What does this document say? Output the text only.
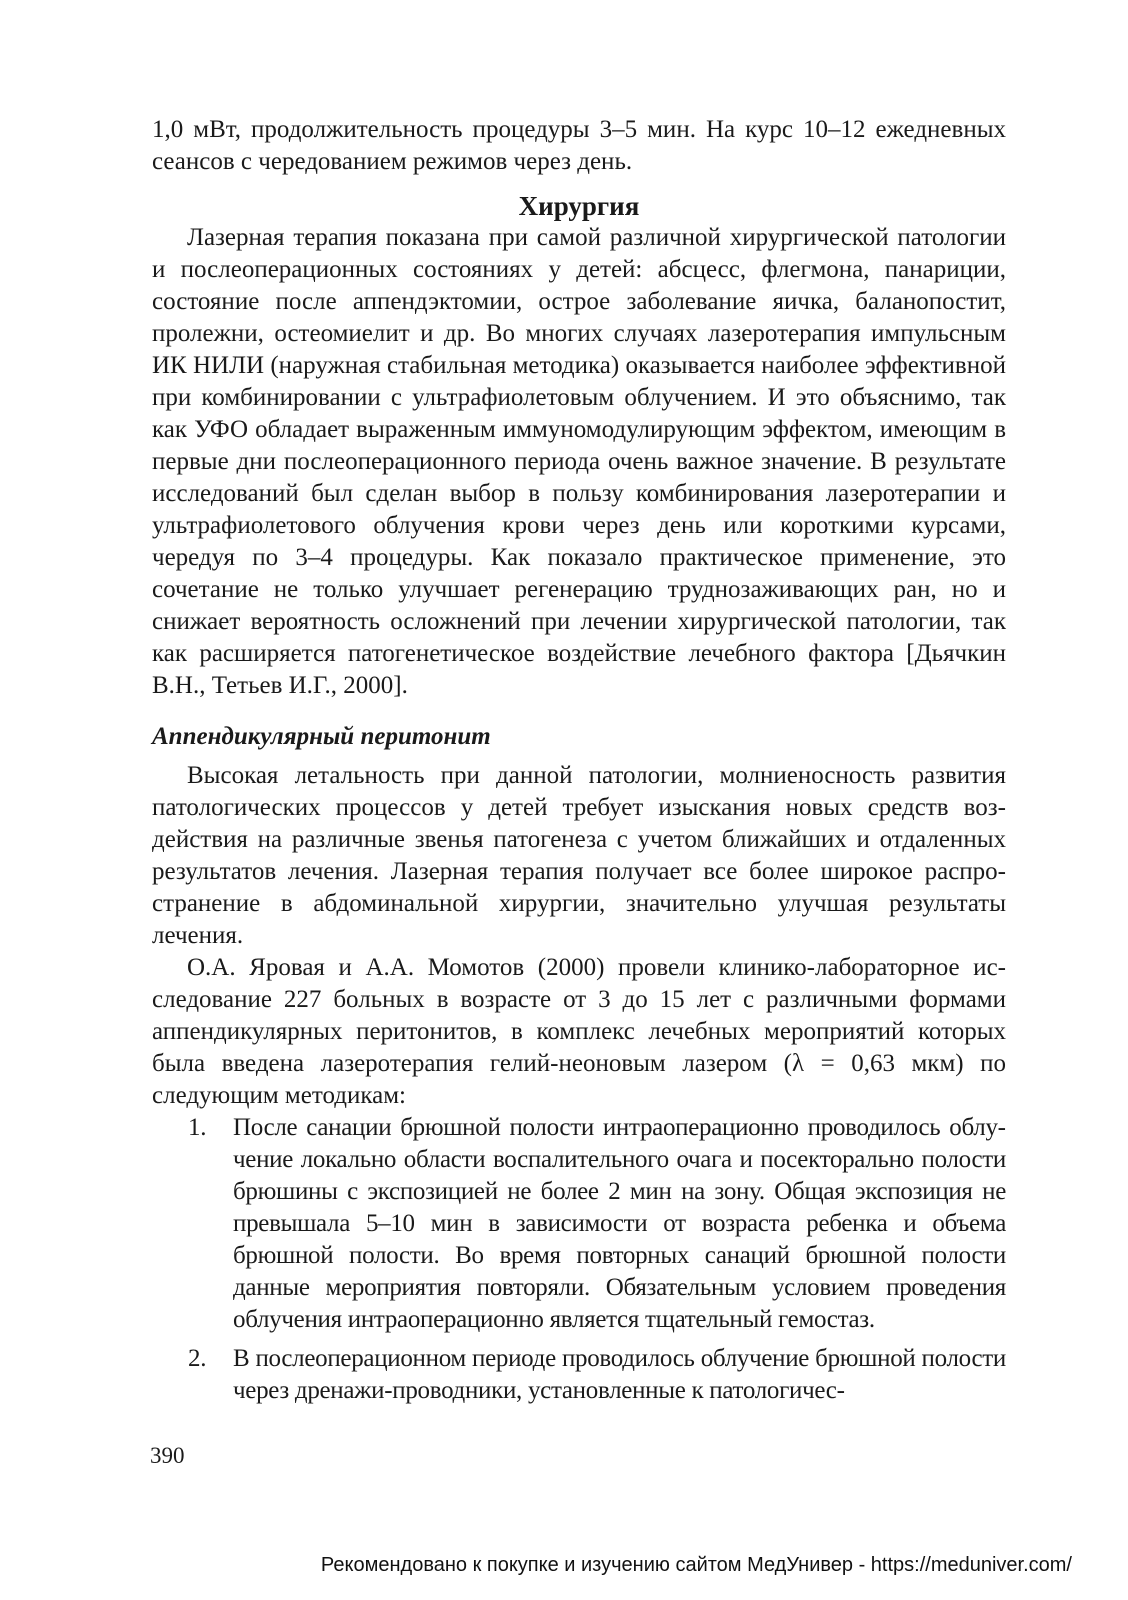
1,0 мВт, продолжительность процедуры 3–5 мин. На курс 10–12 ежедневных сеансов с чередованием режимов через день.

Хирургия

Лазерная терапия показана при самой различной хирургической патологии и послеоперационных состояниях у детей: абсцесс, флегмона, панариции, состояние после аппендэктомии, острое заболевание яичка, баланопостит, пролежни, остеомиелит и др. Во многих случаях лазеротерапия импульсным ИК НИЛИ (наружная стабильная методика) оказывается наиболее эффективной при комбинировании с ультрафиолетовым облучением. И это объяснимо, так как УФО обладает выраженным иммуномодулирующим эффектом, имеющим в первые дни послеоперационного периода очень важное значение. В результате исследований был сделан выбор в пользу комбинирования лазеротерапии и ультрафиолетового облучения крови через день или короткими курсами, чередуя по 3–4 процедуры. Как показало практическое применение, это сочетание не только улучшает регенерацию труднозаживающих ран, но и снижает вероятность осложнений при лечении хирургической патологии, так как расширяется патогенетическое воздействие лечебного фактора [Дьячкин В.Н., Тетьев И.Г., 2000].

Аппендикулярный перитонит

Высокая летальность при данной патологии, молниеносность развития патологических процессов у детей требует изыскания новых средств воздействия на различные звенья патогенеза с учетом ближайших и отдаленных результатов лечения. Лазерная терапия получает все более широкое распространение в абдоминальной хирургии, значительно улучшая результаты лечения.

О.А. Яровая и А.А. Момотов (2000) провели клинико-лабораторное исследование 227 больных в возрасте от 3 до 15 лет с различными формами аппендикулярных перитонитов, в комплекс лечебных мероприятий которых была введена лазеротерапия гелий-неоновым лазером (λ = 0,63 мкм) по следующим методикам:

1. После санации брюшной полости интраоперационно проводилось облучение локально области воспалительного очага и посекторально полости брюшины с экспозицией не более 2 мин на зону. Общая экспозиция не превышала 5–10 мин в зависимости от возраста ребенка и объема брюшной полости. Во время повторных санаций брюшной полости данные мероприятия повторяли. Обязательным условием проведения облучения интраоперационно является тщательный гемостаз.
2. В послеоперационном периоде проводилось облучение брюшной полости через дренажи-проводники, установленные к патологичес-
390
Рекомендовано к покупке и изучению сайтом МедУнивер - https://meduniver.com/
